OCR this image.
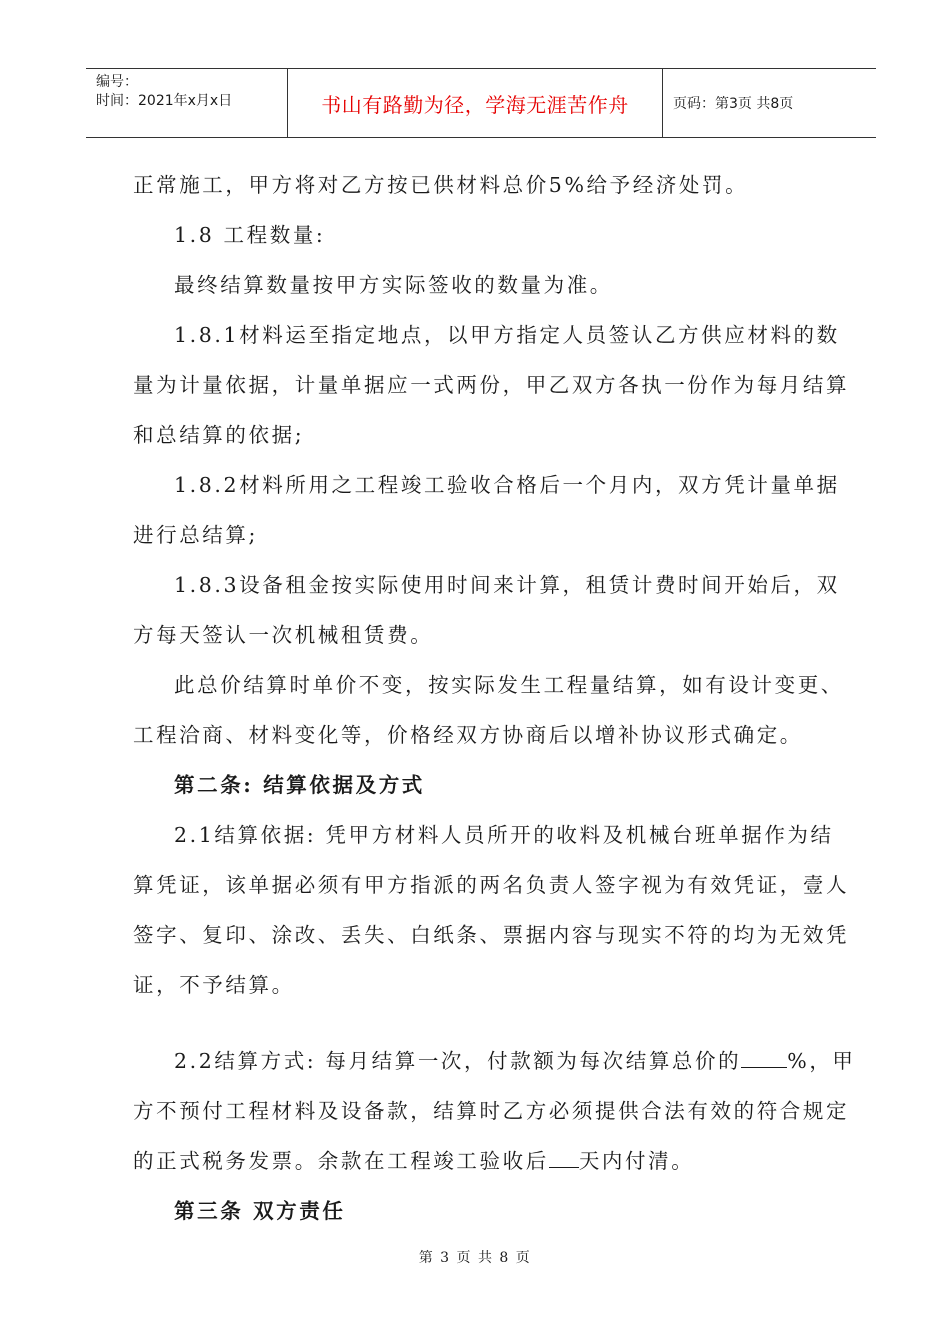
编号：
时间：2021年x月x日	书山有路勤为径，学海无涯苦作舟	页码：第3页 共8页

正常施工，甲方将对乙方按已供材料总价5%给予经济处罚。

1.8 工程数量:

最终结算数量按甲方实际签收的数量为准。

1.8.1材料运至指定地点，以甲方指定人员签认乙方供应材料的数

量为计量依据，计量单据应一式两份，甲乙双方各执一份作为每月结算

和总结算的依据;

1.8.2材料所用之工程竣工验收合格后一个月内，双方凭计量单据

进行总结算;

1.8.3设备租金按实际使用时间来计算，租赁计费时间开始后，双

方每天签认一次机械租赁费。

此总价结算时单价不变，按实际发生工程量结算，如有设计变更、

工程洽商、材料变化等，价格经双方协商后以增补协议形式确定。

第二条: 结算依据及方式

2.1结算依据: 凭甲方材料人员所开的收料及机械台班单据作为结

算凭证，该单据必须有甲方指派的两名负责人签字视为有效凭证，壹人

签字、复印、涂改、丢失、白纸条、票据内容与现实不符的均为无效凭

证，不予结算。

2.2结算方式: 每月结算一次，付款额为每次结算总价的 %，甲

方不预付工程材料及设备款，结算时乙方必须提供合法有效的符合规定

的正式税务发票。余款在工程竣工验收后 天内付清。

第三条 双方责任

第 3 页 共 8 页
